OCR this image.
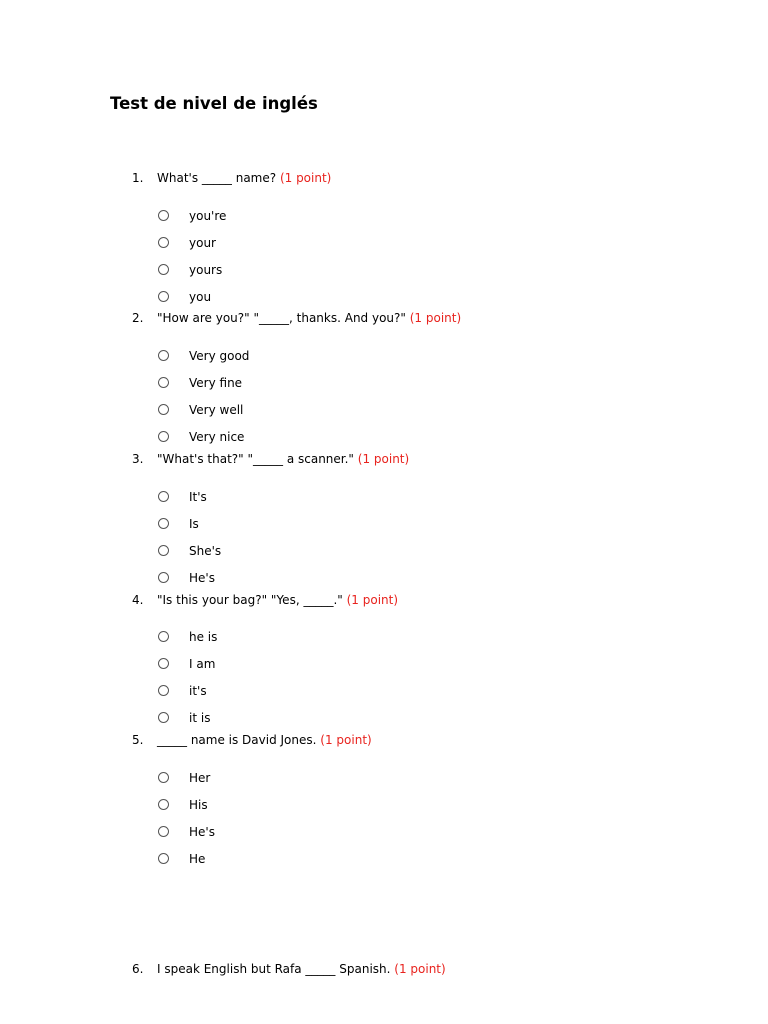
Test de nivel de inglés
1. What's _____ name? (1 point)
you're
your
yours
you
2. "How are you?" "_____, thanks. And you?" (1 point)
Very good
Very fine
Very well
Very nice
3. "What's that?" "_____ a scanner." (1 point)
It's
Is
She's
He's
4. "Is this your bag?" "Yes, _____." (1 point)
he is
I am
it's
it is
5. _____ name is David Jones. (1 point)
Her
His
He's
He
6. I speak English but Rafa _____ Spanish. (1 point)
